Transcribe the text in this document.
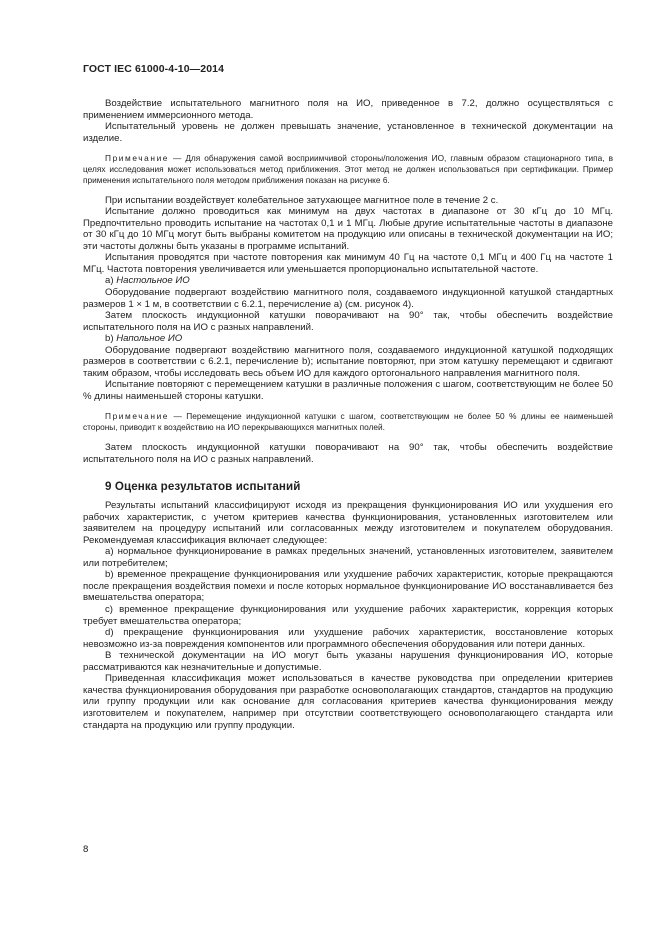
ГОСТ IEC 61000-4-10—2014

Воздействие испытательного магнитного поля на ИО, приведенное в 7.2, должно осуществляться с применением иммерсионного метода.

Испытательный уровень не должен превышать значение, установленное в технической документации на изделие.

Примечание — Для обнаружения самой восприимчивой стороны/положения ИО, главным образом стационарного типа, в целях исследования может использоваться метод приближения. Этот метод не должен использоваться при сертификации. Пример применения испытательного поля методом приближения показан на рисунке 6.

При испытании воздействует колебательное затухающее магнитное поле в течение 2 с.

Испытание должно проводиться как минимум на двух частотах в диапазоне от 30 кГц до 10 МГц. Предпочтительно проводить испытание на частотах 0,1 и 1 МГц. Любые другие испытательные частоты в диапазоне от 30 кГц до 10 МГц могут быть выбраны комитетом на продукцию или описаны в технической документации на ИО; эти частоты должны быть указаны в программе испытаний.

Испытания проводятся при частоте повторения как минимум 40 Гц на частоте 0,1 МГц и 400 Гц на частоте 1 МГц. Частота повторения увеличивается или уменьшается пропорционально испытательной частоте.

а) Настольное ИО

Оборудование подвергают воздействию магнитного поля, создаваемого индукционной катушкой стандартных размеров 1 × 1 м, в соответствии с 6.2.1, перечисление а) (см. рисунок 4).

Затем плоскость индукционной катушки поворачивают на 90° так, чтобы обеспечить воздействие испытательного поля на ИО с разных направлений.

b) Напольное ИО

Оборудование подвергают воздействию магнитного поля, создаваемого индукционной катушкой подходящих размеров в соответствии с 6.2.1, перечисление b); испытание повторяют, при этом катушку перемещают и сдвигают таким образом, чтобы исследовать весь объем ИО для каждого ортогонального направления магнитного поля.

Испытание повторяют с перемещением катушки в различные положения с шагом, соответствующим не более 50 % длины наименьшей стороны катушки.

Примечание — Перемещение индукционной катушки с шагом, соответствующим не более 50 % длины ее наименьшей стороны, приводит к воздействию на ИО перекрывающихся магнитных полей.

Затем плоскость индукционной катушки поворачивают на 90° так, чтобы обеспечить воздействие испытательного поля на ИО с разных направлений.

9 Оценка результатов испытаний

Результаты испытаний классифицируют исходя из прекращения функционирования ИО или ухудшения его рабочих характеристик, с учетом критериев качества функционирования, установленных изготовителем или заявителем на процедуру испытаний или согласованных между изготовителем и покупателем оборудования. Рекомендуемая классификация включает следующее:

а) нормальное функционирование в рамках предельных значений, установленных изготовителем, заявителем или потребителем;

b) временное прекращение функционирования или ухудшение рабочих характеристик, которые прекращаются после прекращения воздействия помехи и после которых нормальное функционирование ИО восстанавливается без вмешательства оператора;

c) временное прекращение функционирования или ухудшение рабочих характеристик, коррекция которых требует вмешательства оператора;

d) прекращение функционирования или ухудшение рабочих характеристик, восстановление которых невозможно из-за повреждения компонентов или программного обеспечения оборудования или потери данных.

В технической документации на ИО могут быть указаны нарушения функционирования ИО, которые рассматриваются как незначительные и допустимые.

Приведенная классификация может использоваться в качестве руководства при определении критериев качества функционирования оборудования при разработке основополагающих стандартов, стандартов на продукцию или группу продукции или как основание для согласования критериев качества функционирования между изготовителем и покупателем, например при отсутствии соответствующего основополагающего стандарта или стандарта на продукцию или группу продукции.

8
